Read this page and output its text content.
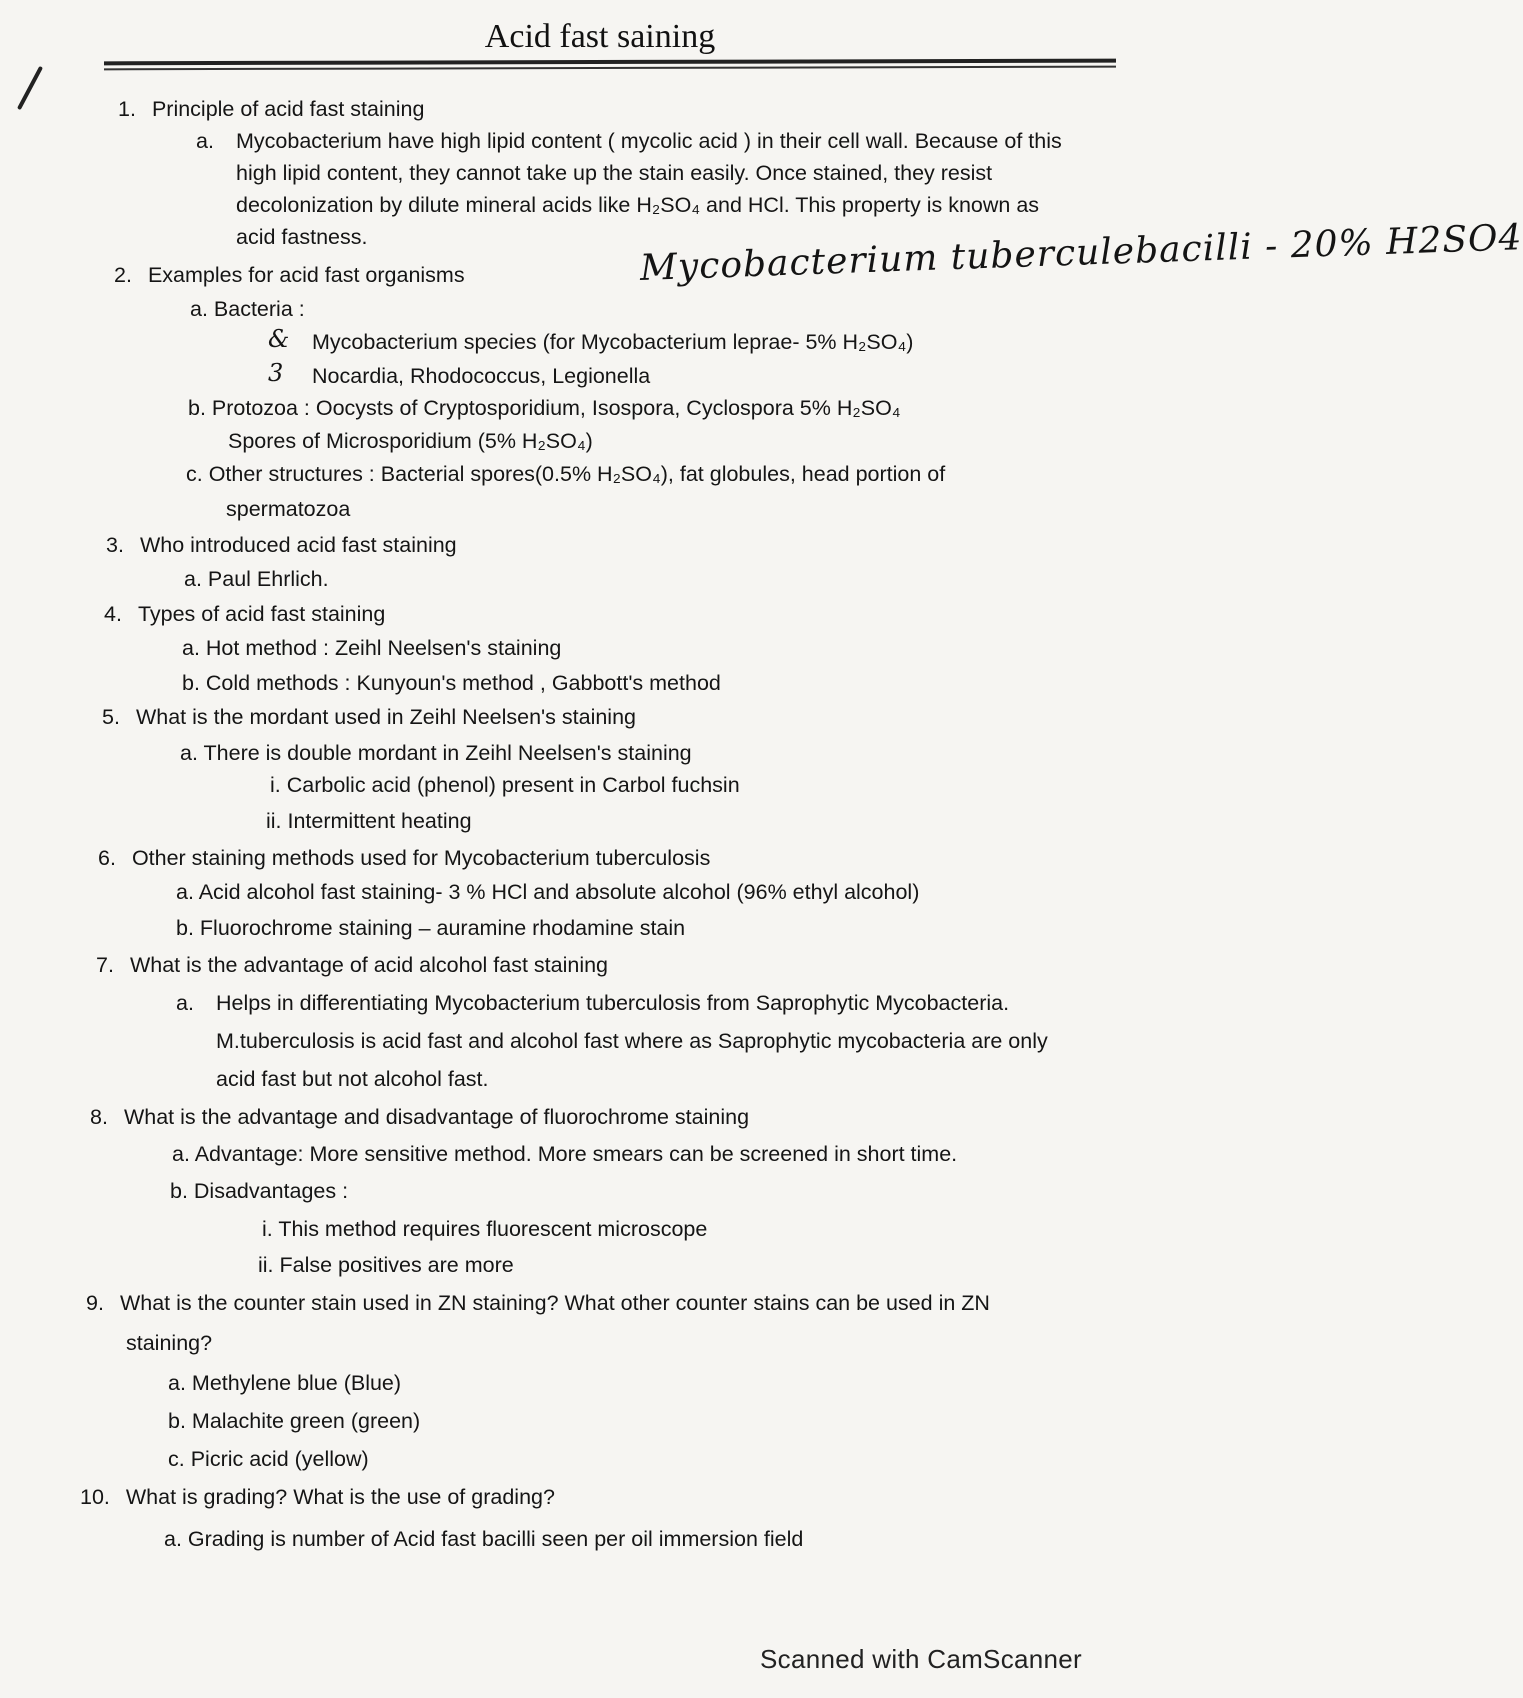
Acid fast saining
1. Principle of acid fast staining
a. Mycobacterium have high lipid content ( mycolic acid ) in their cell wall. Because of this
high lipid content, they cannot take up the stain easily. Once stained, they resist
decolonization by dilute mineral acids like H₂SO₄ and HCl. This property is known as
acid fastness.
2. Examples for acid fast organisms	Mycobacterium tuberculebacilli - 20% H2SO4
a. Bacteria :
& Mycobacterium species (for Mycobacterium leprae- 5% H₂SO₄)
3 Nocardia, Rhodococcus, Legionella
b. Protozoa : Oocysts of Cryptosporidium, Isospora, Cyclospora 5% H₂SO₄
Spores of Microsporidium (5% H₂SO₄)
c. Other structures : Bacterial spores(0.5% H₂SO₄), fat globules, head portion of
spermatozoa
3. Who introduced acid fast staining
a. Paul Ehrlich.
4. Types of acid fast staining
a. Hot method : Zeihl Neelsen's staining
b. Cold methods : Kunyoun's method , Gabbott's method
5. What is the mordant used in Zeihl Neelsen's staining
a. There is double mordant in Zeihl Neelsen's staining
i. Carbolic acid (phenol) present in Carbol fuchsin
ii. Intermittent heating
6. Other staining methods used for Mycobacterium tuberculosis
a. Acid alcohol fast staining- 3 % HCl and absolute alcohol (96% ethyl alcohol)
b. Fluorochrome staining – auramine rhodamine stain
7. What is the advantage of acid alcohol fast staining
a. Helps in differentiating Mycobacterium tuberculosis from Saprophytic Mycobacteria.
M.tuberculosis is acid fast and alcohol fast where as Saprophytic mycobacteria are only
acid fast but not alcohol fast.
8. What is the advantage and disadvantage of fluorochrome staining
a. Advantage: More sensitive method. More smears can be screened in short time.
b. Disadvantages :
i. This method requires fluorescent microscope
ii. False positives are more
9. What is the counter stain used in ZN staining? What other counter stains can be used in ZN
staining?
a. Methylene blue (Blue)
b. Malachite green (green)
c. Picric acid (yellow)
10. What is grading? What is the use of grading?
a. Grading is number of Acid fast bacilli seen per oil immersion field
Scanned with CamScanner
